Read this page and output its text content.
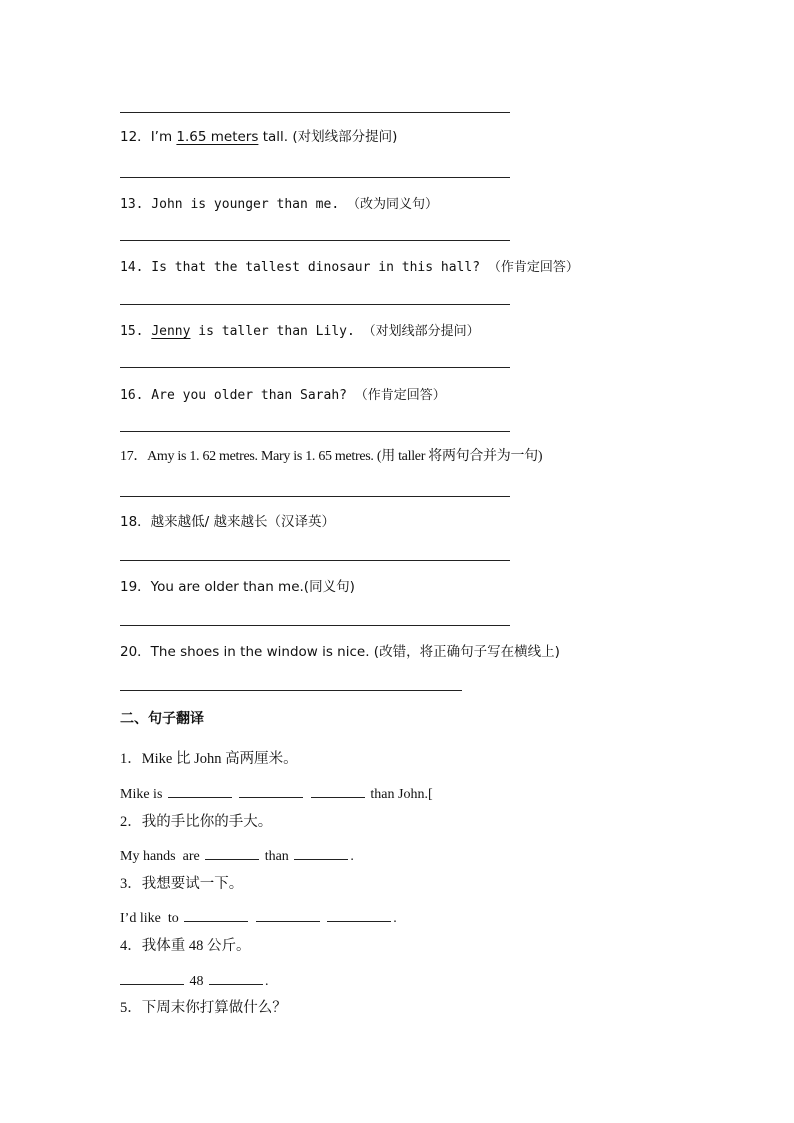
12．I’m 1.65 meters tall. (对划线部分提问)
13. John is younger than me. （改为同义句）
14. Is that the tallest dinosaur in this hall? （作肯定回答）
15. Jenny is taller than Lily. （对划线部分提问）
16. Are you older than Sarah? （作肯定回答）
17．Amy is 1. 62 metres. Mary is 1. 65 metres. (用 taller 将两句合并为一句)
18．越来越低/ 越来越长（汉译英）
19．You are older than me.(同义句)
20．The shoes in the window is nice. (改错，将正确句子写在横线上)
二、句子翻译
1．Mike 比 John 高两厘米。
Mike is	than John.[
2．我的手比你的手大。
My hands  are	than	.
3．我想要试一下。
I’d like  to	.
4．我体重 48 公斤。
48	.
5．下周末你打算做什么？
